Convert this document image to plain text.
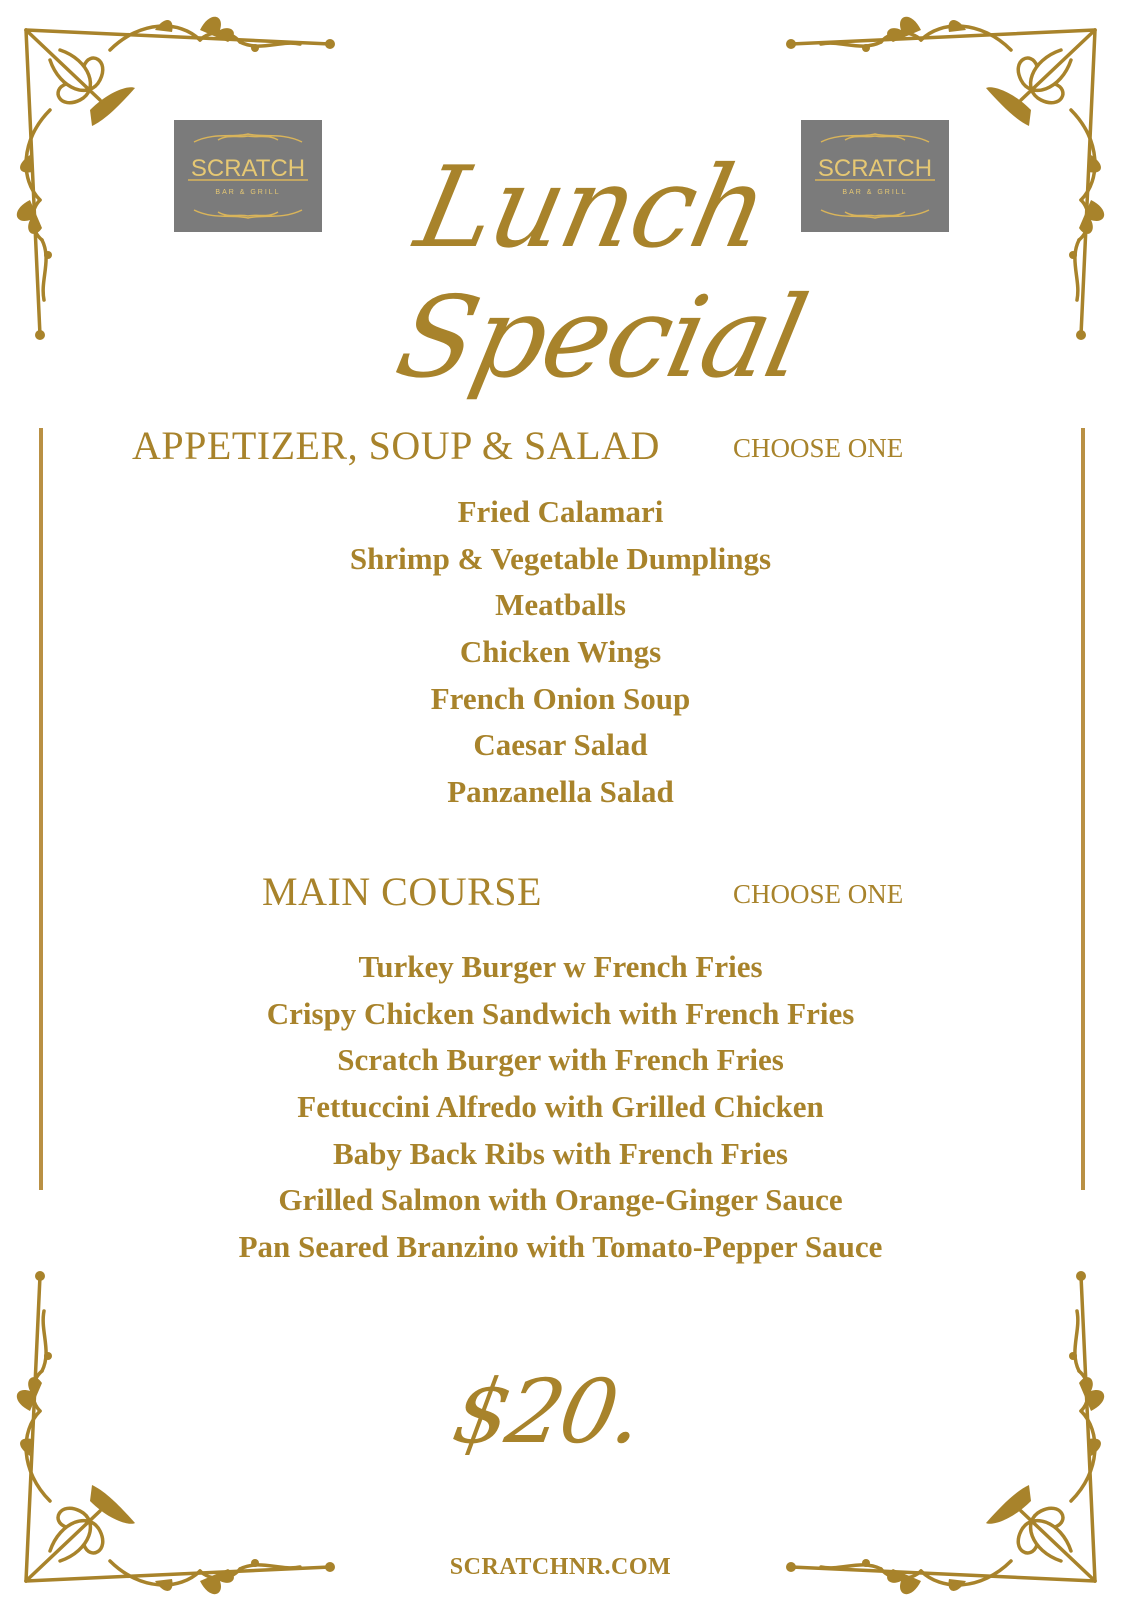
SCRATCH
BAR & GRILL
SCRATCH
BAR & GRILL
Lunch
Special
APPETIZER, SOUP & SALAD	CHOOSE ONE
Fried Calamari
Shrimp & Vegetable Dumplings
Meatballs
Chicken Wings
French Onion Soup
Caesar Salad
Panzanella Salad
MAIN COURSE	CHOOSE ONE
Turkey Burger w French Fries
Crispy Chicken Sandwich with French Fries
Scratch Burger with French Fries
Fettuccini Alfredo with Grilled Chicken
Baby Back Ribs with French Fries
Grilled Salmon with Orange-Ginger Sauce
Pan Seared Branzino with Tomato-Pepper Sauce
$20.
SCRATCHNR.COM
